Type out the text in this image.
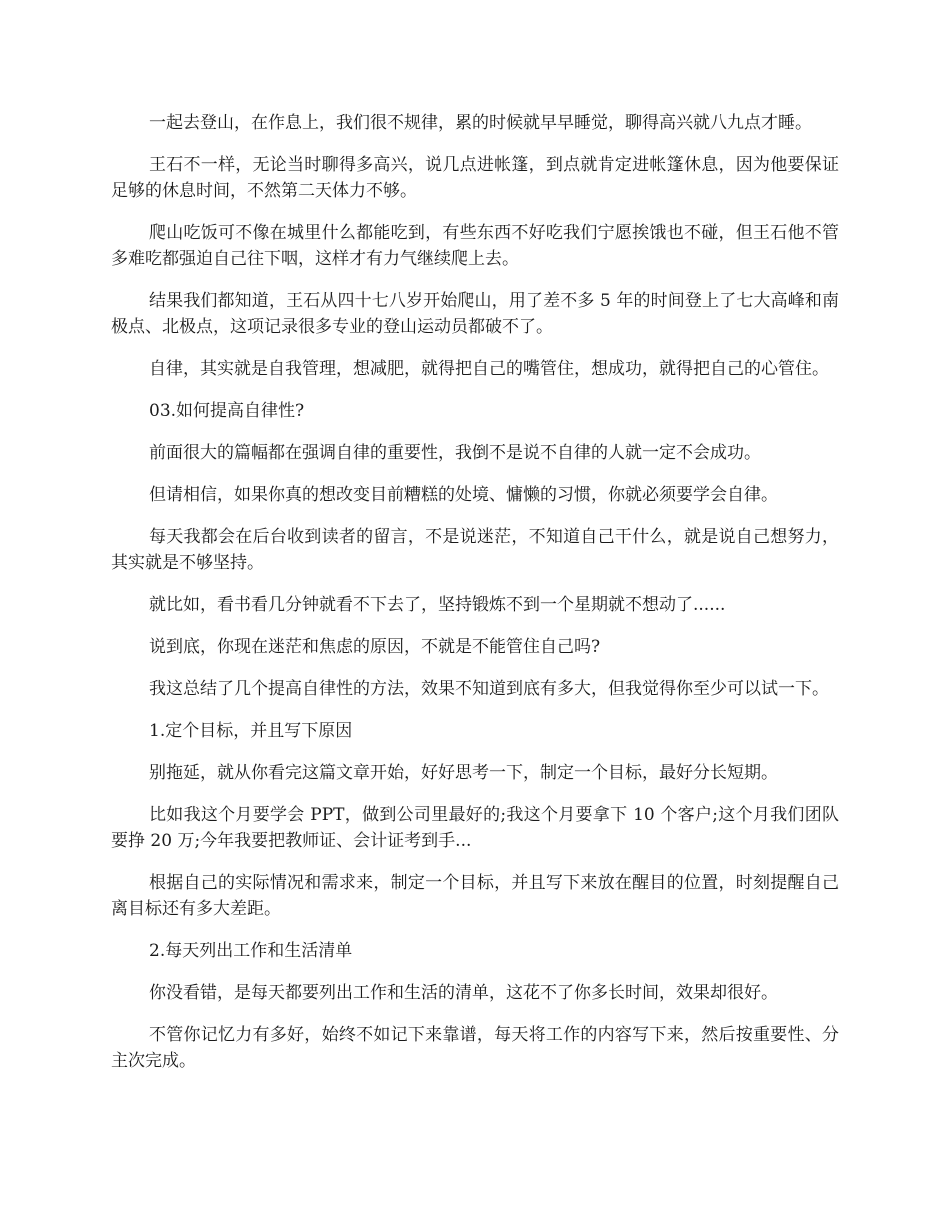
一起去登山，在作息上，我们很不规律，累的时候就早早睡觉，聊得高兴就八九点才睡。

王石不一样，无论当时聊得多高兴，说几点进帐篷，到点就肯定进帐篷休息，因为他要保证足够的休息时间，不然第二天体力不够。

爬山吃饭可不像在城里什么都能吃到，有些东西不好吃我们宁愿挨饿也不碰，但王石他不管多难吃都强迫自己往下咽，这样才有力气继续爬上去。

结果我们都知道，王石从四十七八岁开始爬山，用了差不多 5 年的时间登上了七大高峰和南极点、北极点，这项记录很多专业的登山运动员都破不了。

自律，其实就是自我管理，想减肥，就得把自己的嘴管住，想成功，就得把自己的心管住。

03.如何提高自律性?

前面很大的篇幅都在强调自律的重要性，我倒不是说不自律的人就一定不会成功。

但请相信，如果你真的想改变目前糟糕的处境、慵懒的习惯，你就必须要学会自律。

每天我都会在后台收到读者的留言，不是说迷茫，不知道自己干什么，就是说自己想努力，其实就是不够坚持。

就比如，看书看几分钟就看不下去了，坚持锻炼不到一个星期就不想动了......

说到底，你现在迷茫和焦虑的原因，不就是不能管住自己吗?

我这总结了几个提高自律性的方法，效果不知道到底有多大，但我觉得你至少可以试一下。

1.定个目标，并且写下原因

别拖延，就从你看完这篇文章开始，好好思考一下，制定一个目标，最好分长短期。

比如我这个月要学会 PPT，做到公司里最好的;我这个月要拿下 10 个客户;这个月我们团队要挣 20 万;今年我要把教师证、会计证考到手...

根据自己的实际情况和需求来，制定一个目标，并且写下来放在醒目的位置，时刻提醒自己离目标还有多大差距。

2.每天列出工作和生活清单

你没看错，是每天都要列出工作和生活的清单，这花不了你多长时间，效果却很好。

不管你记忆力有多好，始终不如记下来靠谱，每天将工作的内容写下来，然后按重要性、分主次完成。
